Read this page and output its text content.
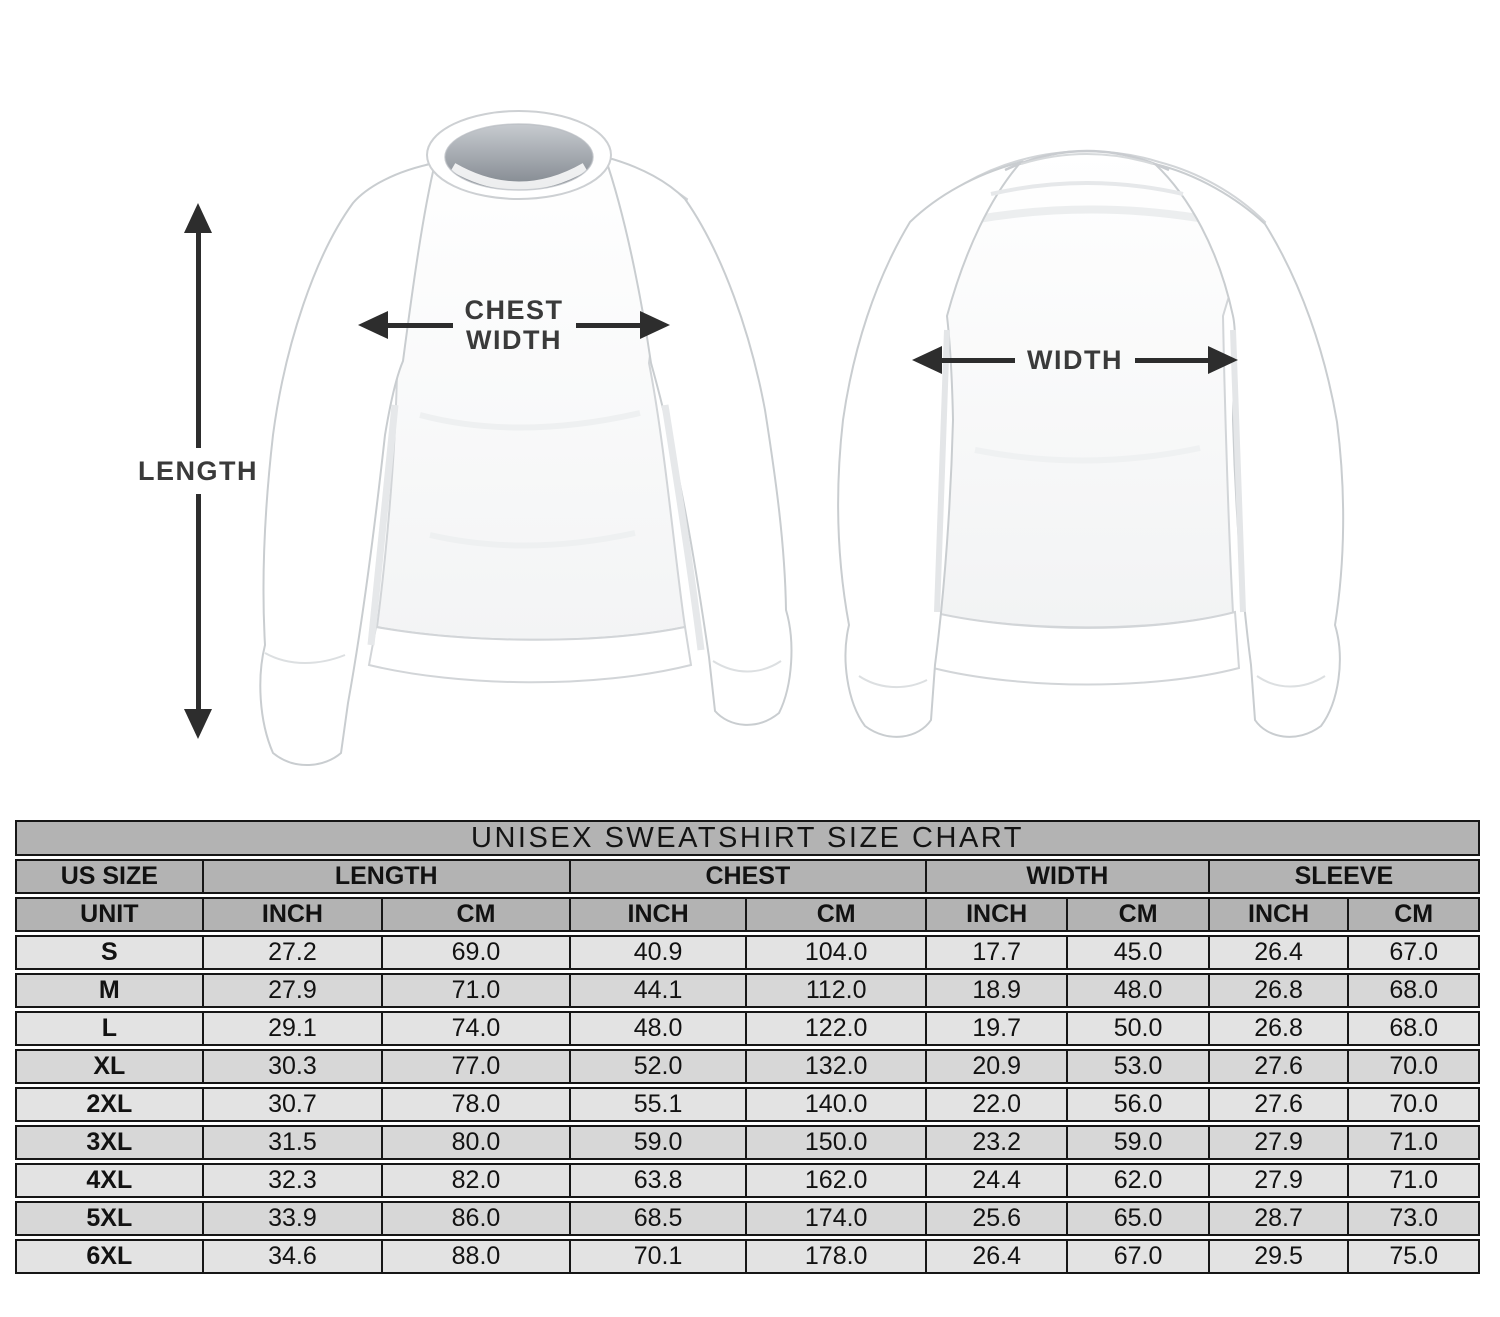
LENGTH
CHEST
WIDTH
WIDTH
UNISEX SWEATSHIRT SIZE CHART
US SIZE	LENGTH	CHEST	WIDTH	SLEEVE
UNIT	INCH	CM	INCH	CM	INCH	CM	INCH	CM
S	27.2	69.0	40.9	104.0	17.7	45.0	26.4	67.0
M	27.9	71.0	44.1	112.0	18.9	48.0	26.8	68.0
L	29.1	74.0	48.0	122.0	19.7	50.0	26.8	68.0
XL	30.3	77.0	52.0	132.0	20.9	53.0	27.6	70.0
2XL	30.7	78.0	55.1	140.0	22.0	56.0	27.6	70.0
3XL	31.5	80.0	59.0	150.0	23.2	59.0	27.9	71.0
4XL	32.3	82.0	63.8	162.0	24.4	62.0	27.9	71.0
5XL	33.9	86.0	68.5	174.0	25.6	65.0	28.7	73.0
6XL	34.6	88.0	70.1	178.0	26.4	67.0	29.5	75.0
